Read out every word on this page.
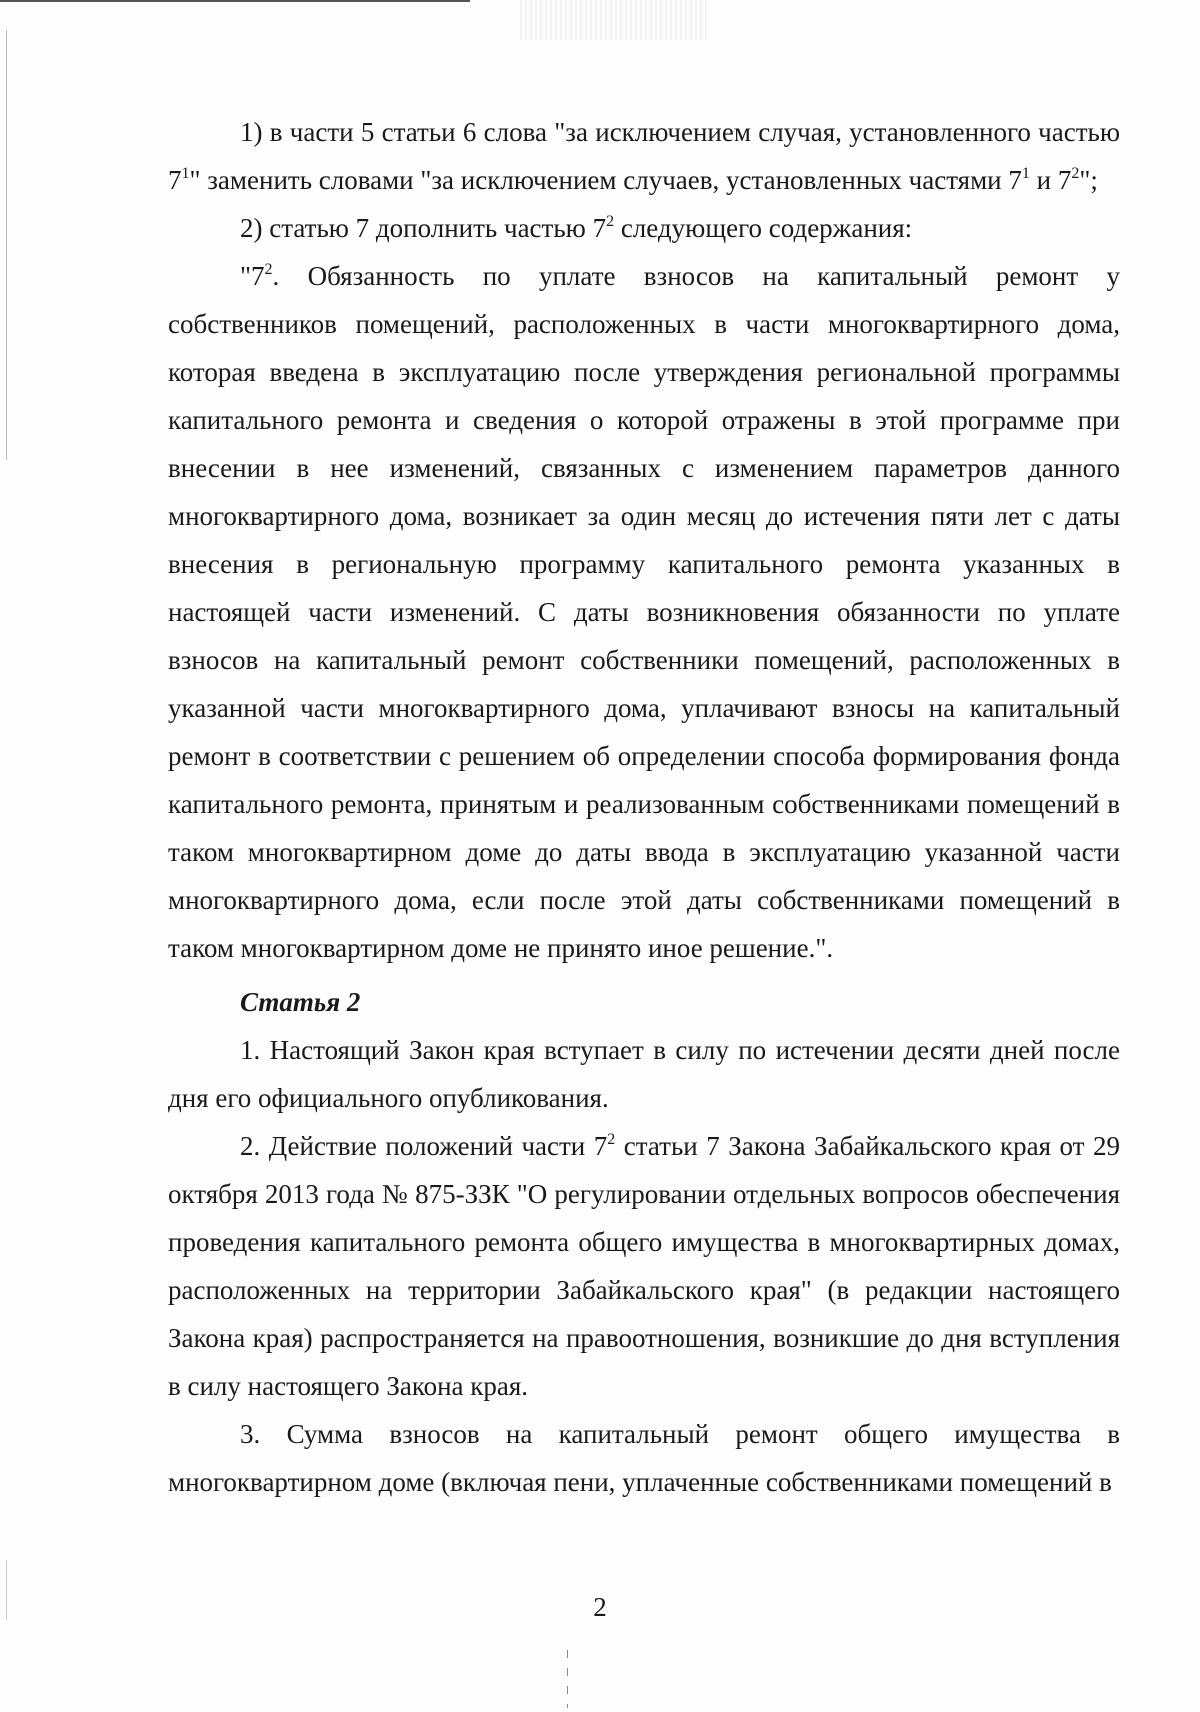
1) в части 5 статьи 6 слова "за исключением случая, установленного частью $7^1$" заменить словами "за исключением случаев, установленных частями $7^1$ и $7^2$";

2) статью 7 дополнить частью $7^2$ следующего содержания:

"$7^2$. Обязанность по уплате взносов на капитальный ремонт у собственников помещений, расположенных в части многоквартирного дома, которая введена в эксплуатацию после утверждения региональной программы капитального ремонта и сведения о которой отражены в этой программе при внесении в нее изменений, связанных с изменением параметров данного многоквартирного дома, возникает за один месяц до истечения пяти лет с даты внесения в региональную программу капитального ремонта указанных в настоящей части изменений. С даты возникновения обязанности по уплате взносов на капитальный ремонт собственники помещений, расположенных в указанной части многоквартирного дома, уплачивают взносы на капитальный ремонт в соответствии с решением об определении способа формирования фонда капитального ремонта, принятым и реализованным собственниками помещений в таком многоквартирном доме до даты ввода в эксплуатацию указанной части многоквартирного дома, если после этой даты собственниками помещений в таком многоквартирном доме не принято иное решение.".

Статья 2

1. Настоящий Закон края вступает в силу по истечении десяти дней после дня его официального опубликования.

2. Действие положений части $7^2$ статьи 7 Закона Забайкальского края от 29 октября 2013 года № 875-ЗЗК "О регулировании отдельных вопросов обеспечения проведения капитального ремонта общего имущества в многоквартирных домах, расположенных на территории Забайкальского края" (в редакции настоящего Закона края) распространяется на правоотношения, возникшие до дня вступления в силу настоящего Закона края.

3. Сумма взносов на капитальный ремонт общего имущества в многоквартирном доме (включая пени, уплаченные собственниками помещений в

2
